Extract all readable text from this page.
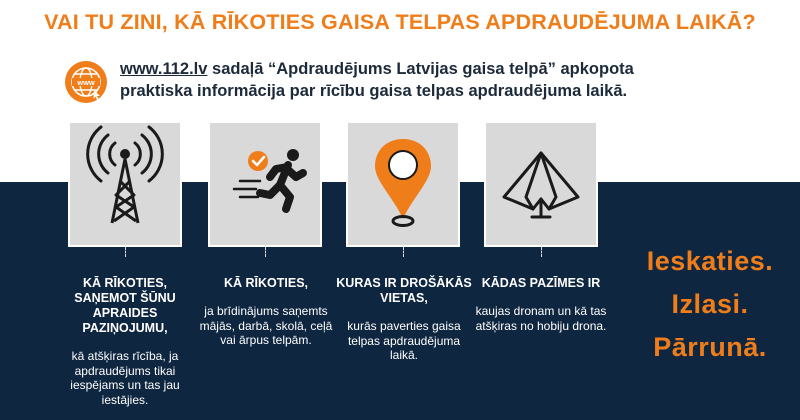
VAI TU ZINI, KĀ RĪKOTIES GAISA TELPAS APDRAUDĒJUMA LAIKĀ?
www
www.112.lv sadaļā “Apdraudējums Latvijas gaisa telpā” apkopota
praktiska informācija par rīcību gaisa telpas apdraudējuma laikā.
KĀ RĪKOTIES, SAŅEMOT ŠŪNU APRAIDES PAZIŅOJUMU,
kā atšķiras rīcība, ja apdraudējums tikai iespējams un tas jau iestājies.
KĀ RĪKOTIES,
ja brīdinājums saņemts mājās, darbā, skolā, ceļā vai ārpus telpām.
KURAS IR DROŠĀKĀS VIETAS,
kurās paverties gaisa telpas apdraudējuma laikā.
KĀDAS PAZĪMES IR
kaujas dronam un kā tas atšķiras no hobiju drona.
Ieskaties.
Izlasi.
Pārrunā.
